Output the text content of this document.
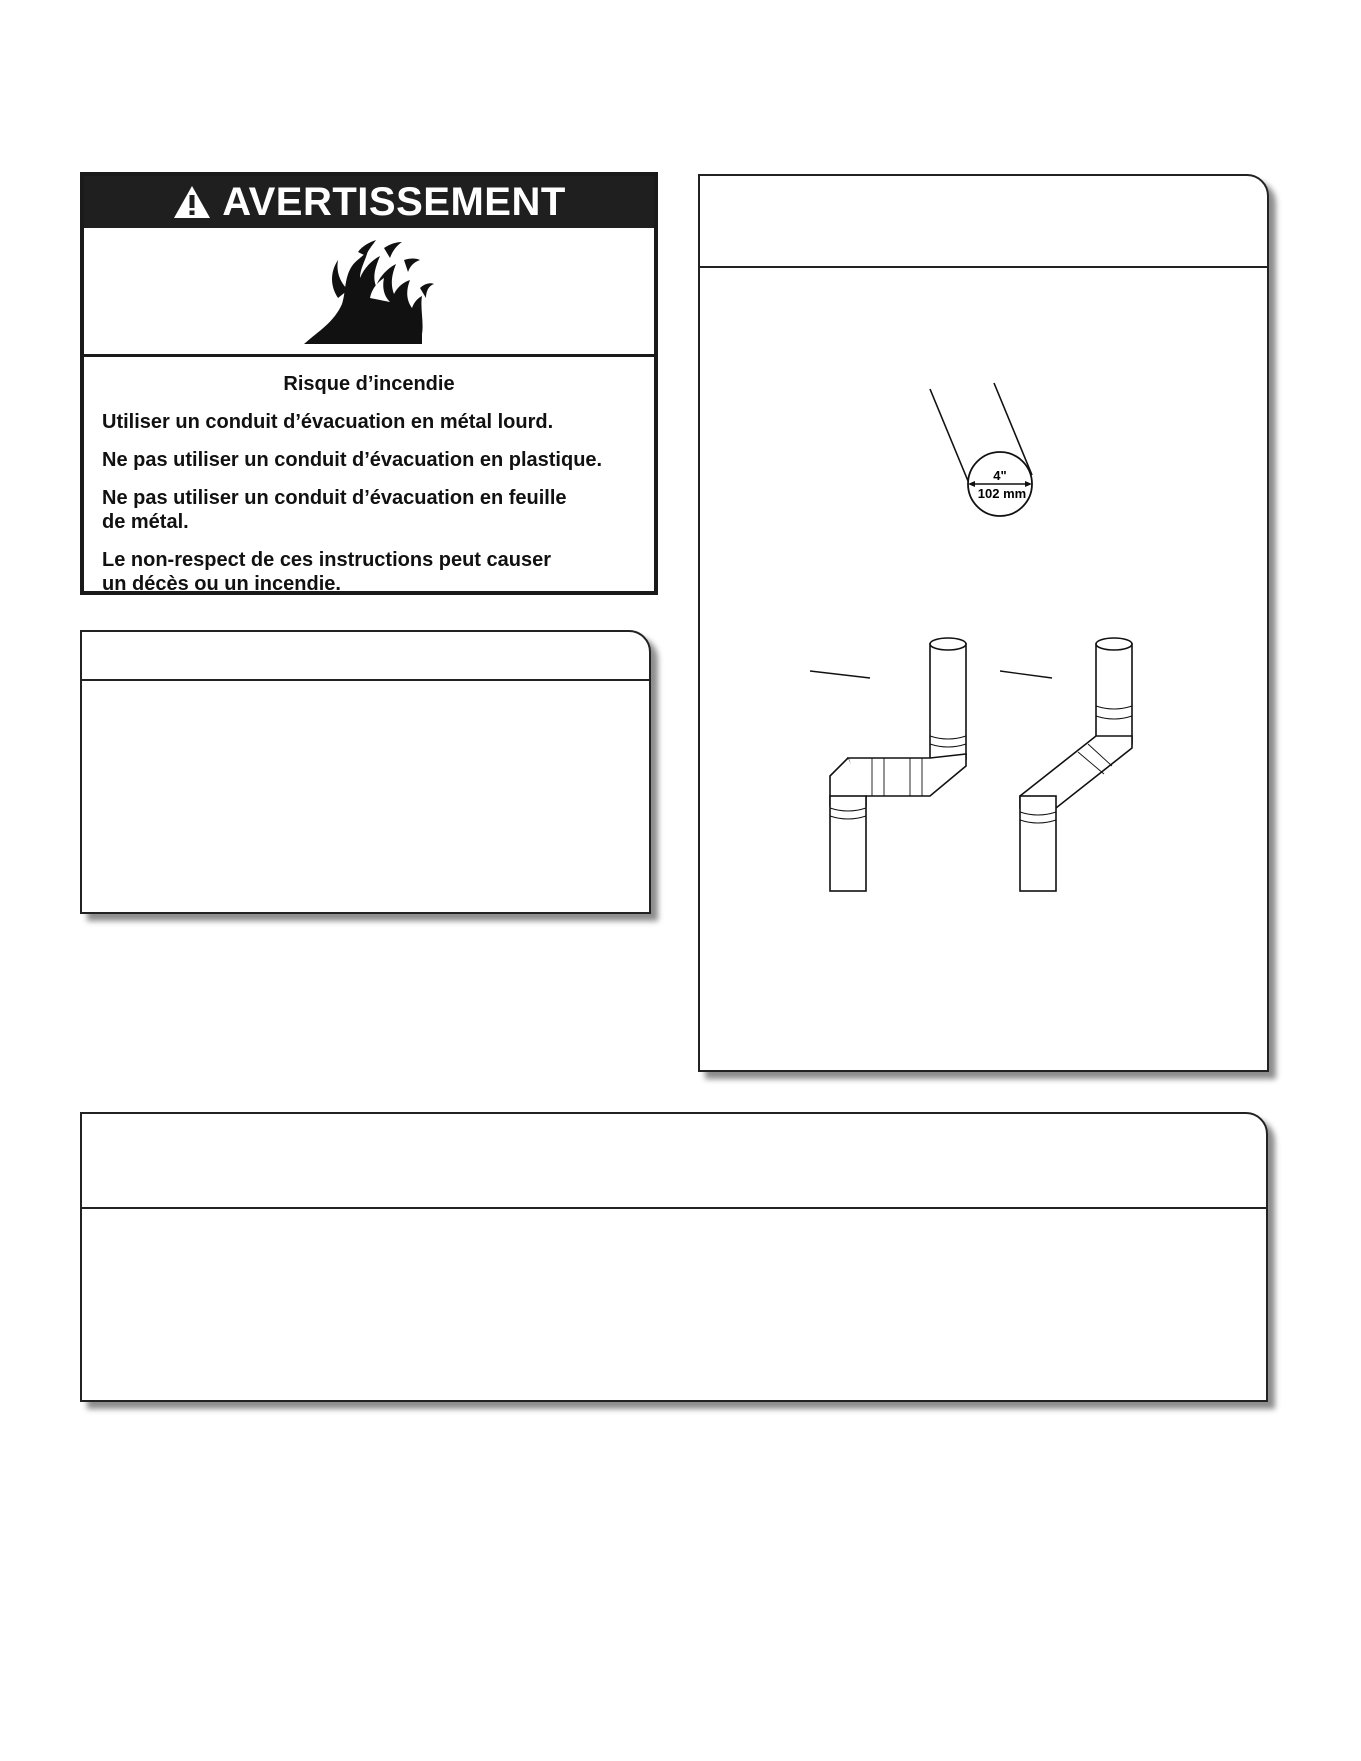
AVERTISSEMENT

Risque d’incendie

Utiliser un conduit d’évacuation en métal lourd.

Ne pas utiliser un conduit d’évacuation en plastique.

Ne pas utiliser un conduit d’évacuation en feuille de métal.

Le non-respect de ces instructions peut causer un décès ou un incendie.

4"
102 mm
